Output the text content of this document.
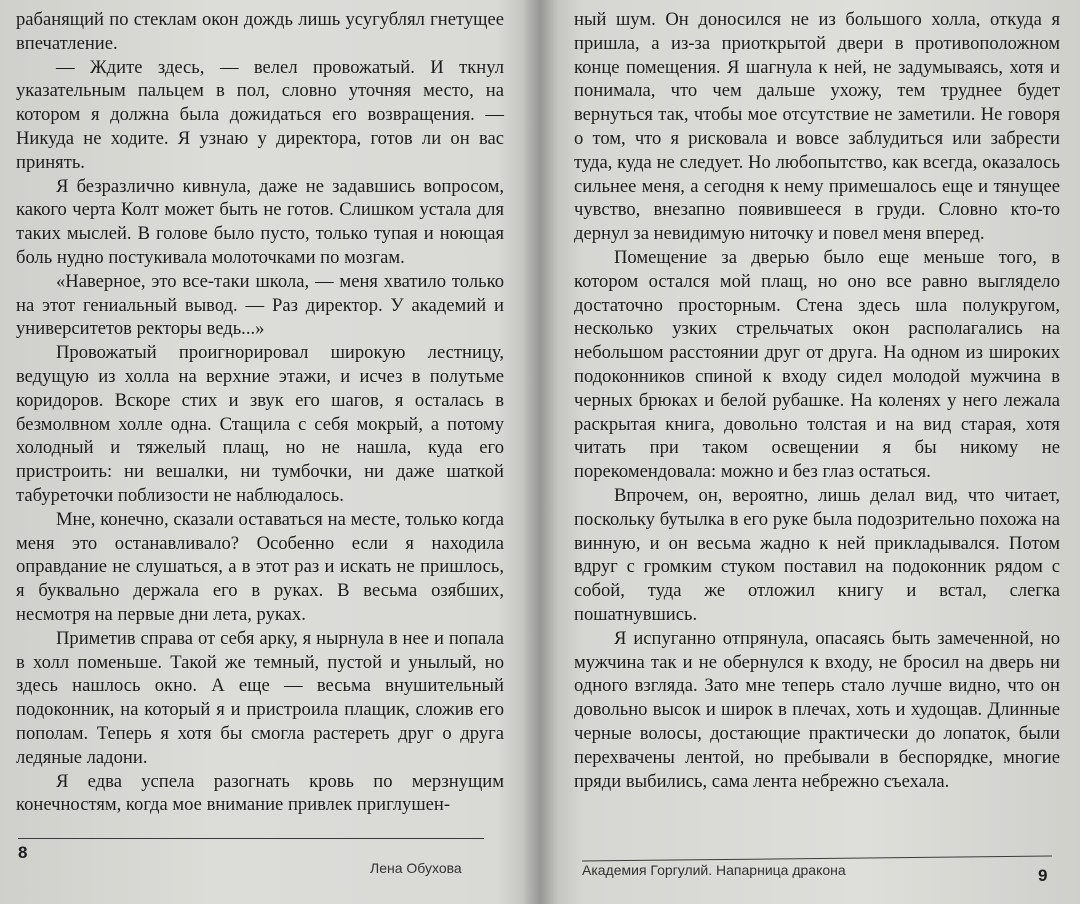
рабанящий по стеклам окон дождь лишь усугублял гнетущее впечатление.

— Ждите здесь, — велел провожатый. И ткнул указательным пальцем в пол, словно уточняя место, на котором я должна была дожидаться его возвращения. — Никуда не ходите. Я узнаю у директора, готов ли он вас принять.

Я безразлично кивнула, даже не задавшись вопросом, какого черта Колт может быть не готов. Слишком устала для таких мыслей. В голове было пусто, только тупая и ноющая боль нудно постукивала молоточками по мозгам.

«Наверное, это все-таки школа, — меня хватило только на этот гениальный вывод. — Раз директор. У академий и университетов ректоры ведь...»

Провожатый проигнорировал широкую лестницу, ведущую из холла на верхние этажи, и исчез в полутьме коридоров. Вскоре стих и звук его шагов, я осталась в безмолвном холле одна. Стащила с себя мокрый, а потому холодный и тяжелый плащ, но не нашла, куда его пристроить: ни вешалки, ни тумбочки, ни даже шаткой табуреточки поблизости не наблюдалось.

Мне, конечно, сказали оставаться на месте, только когда меня это останавливало? Особенно если я находила оправдание не слушаться, а в этот раз и искать не пришлось, я буквально держала его в руках. В весьма озябших, несмотря на первые дни лета, руках.

Приметив справа от себя арку, я нырнула в нее и попала в холл поменьше. Такой же темный, пустой и унылый, но здесь нашлось окно. А еще — весьма внушительный подоконник, на который я и пристроила плащик, сложив его пополам. Теперь я хотя бы смогла растереть друг о друга ледяные ладони.

Я едва успела разогнать кровь по мерзнущим конечностям, когда мое внимание привлек приглушен-

ный шум. Он доносился не из большого холла, откуда я пришла, а из-за приоткрытой двери в противоположном конце помещения. Я шагнула к ней, не задумываясь, хотя и понимала, что чем дальше ухожу, тем труднее будет вернуться так, чтобы мое отсутствие не заметили. Не говоря о том, что я рисковала и вовсе заблудиться или забрести туда, куда не следует. Но любопытство, как всегда, оказалось сильнее меня, а сегодня к нему примешалось еще и тянущее чувство, внезапно появившееся в груди. Словно кто-то дернул за невидимую ниточку и повел меня вперед.

Помещение за дверью было еще меньше того, в котором остался мой плащ, но оно все равно выглядело достаточно просторным. Стена здесь шла полукругом, несколько узких стрельчатых окон располагались на небольшом расстоянии друг от друга. На одном из широких подоконников спиной к входу сидел молодой мужчина в черных брюках и белой рубашке. На коленях у него лежала раскрытая книга, довольно толстая и на вид старая, хотя читать при таком освещении я бы никому не порекомендовала: можно и без глаз остаться.

Впрочем, он, вероятно, лишь делал вид, что читает, поскольку бутылка в его руке была подозрительно похожа на винную, и он весьма жадно к ней прикладывался. Потом вдруг с громким стуком поставил на подоконник рядом с собой, туда же отложил книгу и встал, слегка пошатнувшись.

Я испуганно отпрянула, опасаясь быть замеченной, но мужчина так и не обернулся к входу, не бросил на дверь ни одного взгляда. Зато мне теперь стало лучше видно, что он довольно высок и широк в плечах, хоть и худощав. Длинные черные волосы, достающие практически до лопаток, были перехвачены лентой, но пребывали в беспорядке, многие пряди выбились, сама лента небрежно съехала.

8
Лена Обухова	Академия Горгулий. Напарница дракона	9
